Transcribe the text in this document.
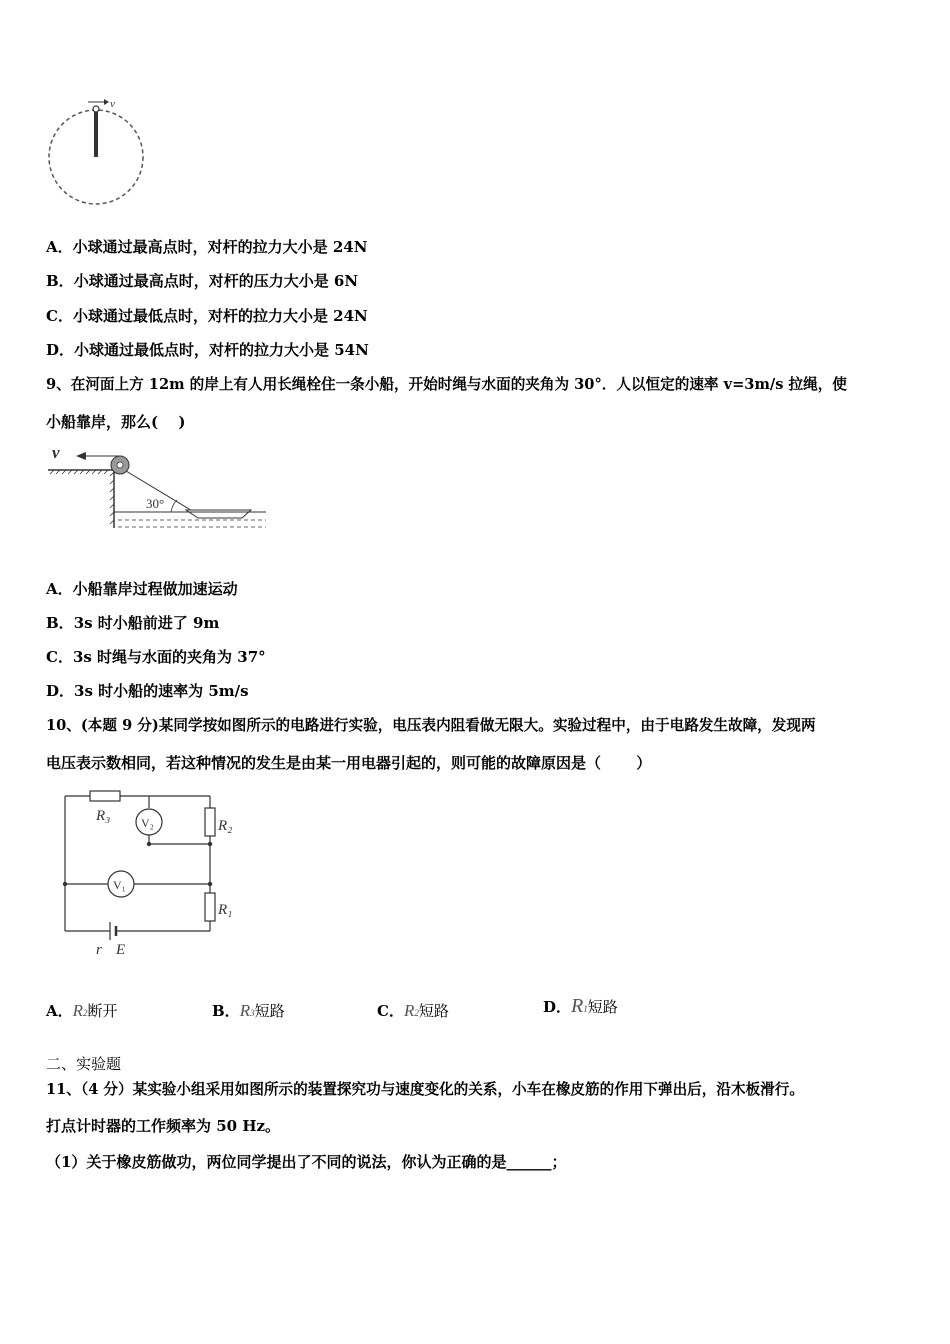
v
A．小球通过最高点时，对杆的拉力大小是 24N
B．小球通过最高点时，对杆的压力大小是 6N
C．小球通过最低点时，对杆的拉力大小是 24N
D．小球通过最低点时，对杆的拉力大小是 54N
9、在河面上方 12m 的岸上有人用长绳栓住一条小船，开始时绳与水面的夹角为 30°．人以恒定的速率 v=3m/s 拉绳，使
小船靠岸，那么(　 )
v
30°
A．小船靠岸过程做加速运动
B．3s 时小船前进了 9m
C．3s 时绳与水面的夹角为 37°
D．3s 时小船的速率为 5m/s
10、(本题 9 分)某同学按如图所示的电路进行实验，电压表内阻看做无限大。实验过程中，由于电路发生故障，发现两
电压表示数相同，若这种情况的发生是由某一用电器引起的，则可能的故障原因是（　　 ）
R₃
R₂
R₁
V₂
V₁
r E
A．R2断开	B．R3短路	C．R2短路	D．R1短路
二、实验题
11、（4 分）某实验小组采用如图所示的装置探究功与速度变化的关系，小车在橡皮筋的作用下弹出后，沿木板滑行。
打点计时器的工作频率为 50 Hz。
（1）关于橡皮筋做功，两位同学提出了不同的说法，你认为正确的是______；
